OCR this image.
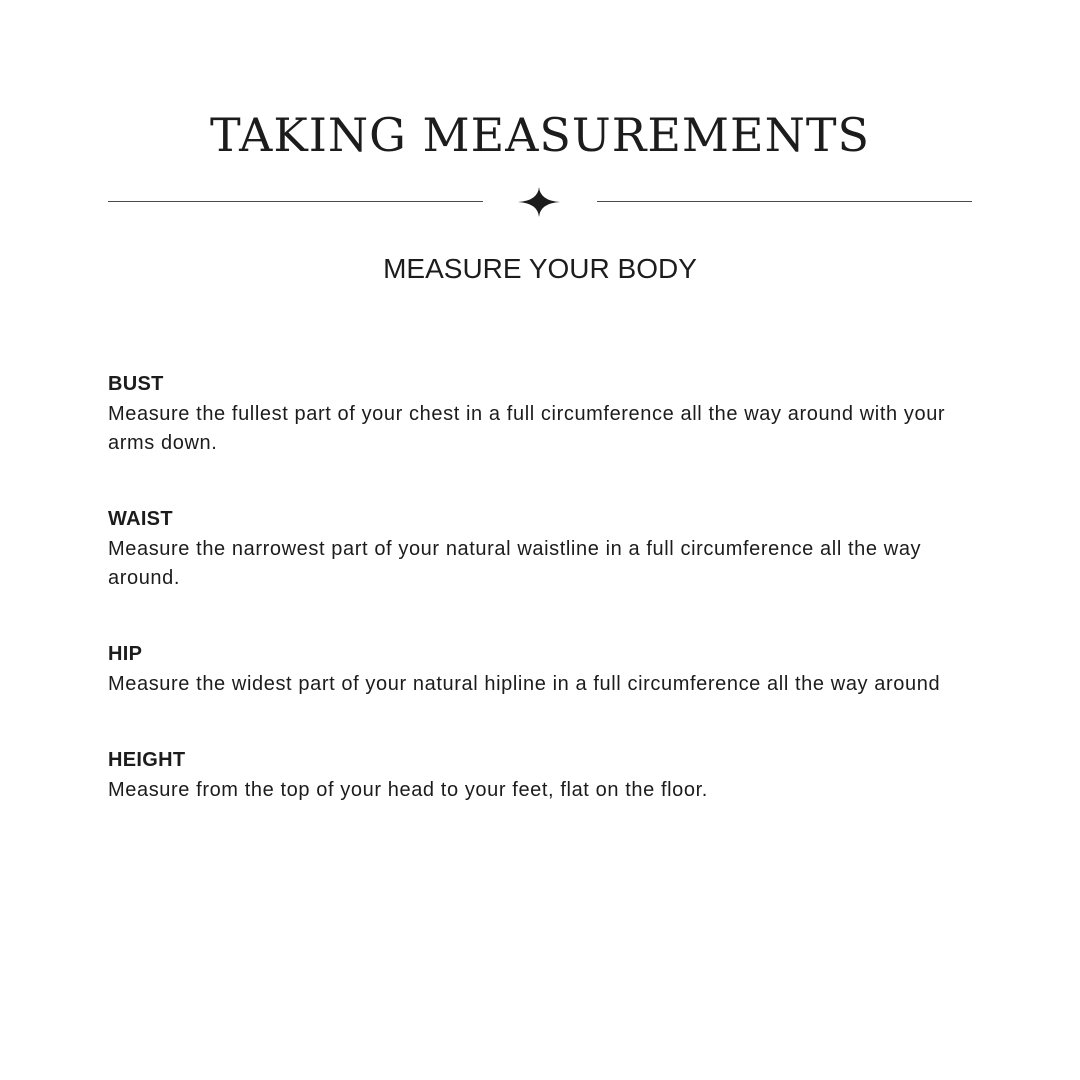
TAKING MEASUREMENTS
MEASURE YOUR BODY
BUST
Measure the fullest part of your chest in a full circumference all the way around with your arms down.
WAIST
Measure the narrowest part of your natural waistline in a full circumference all the way around.
HIP
Measure the widest part of your natural hipline in a full circumference all the way around
HEIGHT
Measure from the top of your head to your feet, flat on the floor.
